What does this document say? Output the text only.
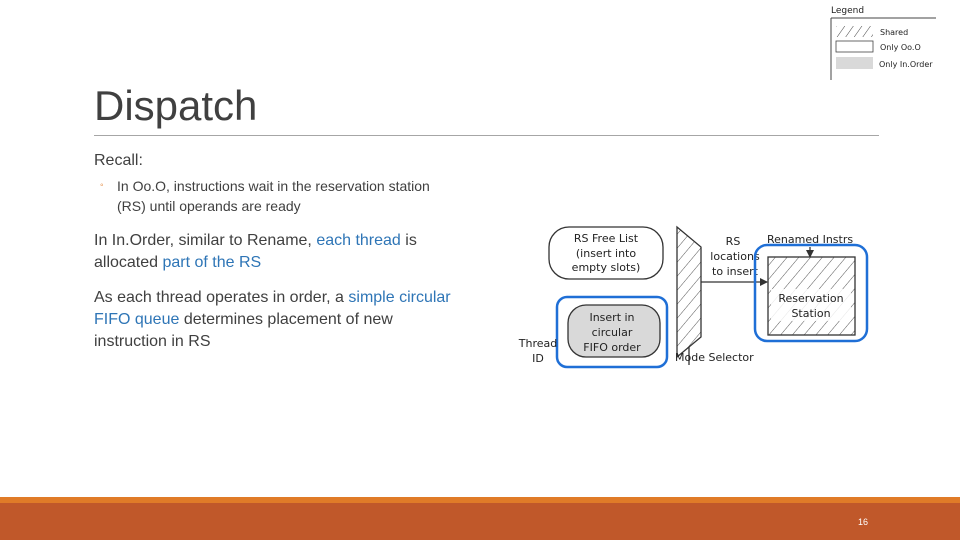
Legend
Shared
Only Oo.O
Only In.Order
Dispatch
Recall:
◦ In Oo.O, instructions wait in the reservation station (RS) until operands are ready
In In.Order, similar to Rename, each thread is allocated part of the RS
As each thread operates in order, a simple circular FIFO queue determines placement of new instruction in RS
RS Free List
(insert into
empty slots)
Insert in
circular
FIFO order
Thread
ID	Mode Selector
RS
locations
to insert
Renamed Instrs
Reservation
Station
16
